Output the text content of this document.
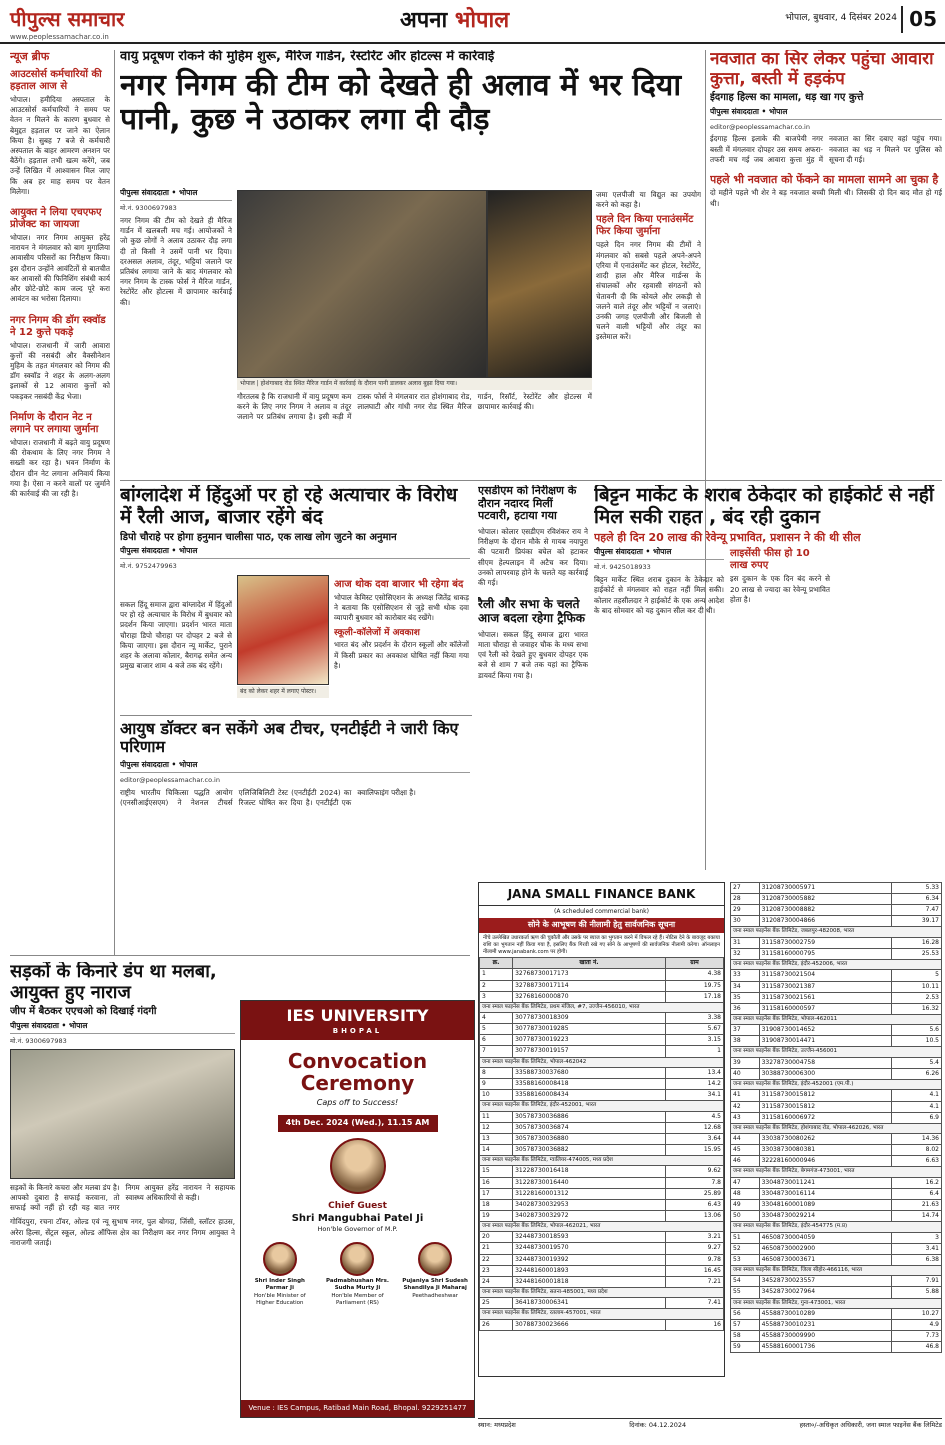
पीपुल्स समाचार
www.peoplessamachar.co.in
अपना भोपाल	भोपाल, बुधवार, 4 दिसंबर 2024 05
न्यूज ब्रीफ
आउटसोर्स कर्मचारियों की हड़ताल आज से
भोपाल। हमीदिया अस्पताल के आउटसोर्स कर्मचारियों ने समय पर वेतन न मिलने के कारण बुधवार से बेमुद्दत हड़ताल पर जाने का ऐलान किया है। सुबह 7 बजे से कर्मचारी अस्पताल के बाहर आमरण अनशन पर बैठेंगे। हड़ताल तभी खत्म करेंगे, जब उन्हें लिखित में आश्वासन मिल जाए कि अब हर माह समय पर वेतन मिलेगा।
आयुक्त ने लिया एचएफए प्रोजेक्ट का जायजा
भोपाल। नगर निगम आयुक्त हरेंद्र नारायन ने मंगलवार को बाग मुगालिया आवासीय परिसरों का निरीक्षण किया। इस दौरान उन्होंने आवंटितों से बातचीत कर आवासों की फिनिशिंग संबंधी कार्य और छोटे-छोटे काम जल्द पूरे करा आवंटन का भरोसा दिलाया।
नगर निगम की डॉग स्क्वॉड ने 12 कुत्ते पकड़े
भोपाल। राजधानी में जारी आवारा कुत्तों की नसबंदी और वैक्सीनेशन मुहिम के तहत मंगलवार को निगम की डॉग स्क्वॉड ने शहर के अलग-अलग इलाकों से 12 आवारा कुत्तों को पकड़कर नसबंदी केंद्र भेजा।
निर्माण के दौरान नेट न लगाने पर लगाया जुर्माना
भोपाल। राजधानी में बढ़ते वायु प्रदूषण की रोकथाम के लिए नगर निगम ने सख्ती कर रहा है। भवन निर्माण के दौरान ग्रीन नेट लगाना अनिवार्य किया गया है। ऐसा न करने वालों पर जुर्माने की कार्रवाई की जा रही है।
वायु प्रदूषण रोकने की मुहिम शुरू, मैरिज गार्डन, रेस्टोरेंट और होटल्स में कार्रवाई
नगर निगम की टीम को देखते ही अलाव में भर दिया पानी, कुछ ने उठाकर लगा दी दौड़
पीपुल्स संवाददाता • भोपाल
मो.नं. 9300697983
नगर निगम की टीम को देखते ही मैरिज गार्डन में खलबली मच गई। आयोजकों ने जो कुछ लोगों ने अलाव उठाकर दौड़ लगा दी तो किसी ने उसमें पानी भर दिया। दरअसल अलाव, तंदूर, भट्टियां जलाने पर प्रतिबंध लगाया जाने के बाद मंगलवार को नगर निगम के टास्क फोर्स ने मैरिज गार्डन, रेस्टोरेंट और होटल्स में छापामार कार्रवाई की।
भोपाल | होशंगाबाद रोड स्थित मैरिज गार्डन में कार्रवाई के दौरान पानी डालकर अलाव बुझा दिया गया।
गौरतलब है कि राजधानी में वायु प्रदूषण कम करने के लिए नगर निगम ने अलाव व तंदूर जलाने पर प्रतिबंध लगाया है। इसी कड़ी में टास्क फोर्स ने मंगलवार रात होशंगाबाद रोड, लालघाटी और गांधी नगर रोड स्थित मैरिज गार्डन, रिसॉर्ट, रेस्टोरेंट और होटल्स में छापामार कार्रवाई की।
जमा एलपीजी या विद्युत का उपयोग करने को कहा है।
पहले दिन किया एनाउंसमेंट फिर किया जुर्माना
पहले दिन नगर निगम की टीमों ने मंगलवार को सबसे पहले अपने-अपने एरिया में एनाउंसमेंट कर होटल, रेस्टोरेंट, शादी हाल और मैरिज गार्डन्स के संचालकों और रहवासी संगठनों को चेतावनी दी कि कोयले और लकड़ी से जलने वाले तंदूर और भट्टियों न जलाएं। उनकी जगह एलपीजी और बिजली से चलने वाली भट्टियों और तंदूर का इस्तेमाल करें।
नवजात का सिर लेकर पहुंचा आवारा कुत्ता, बस्ती में हड़कंप
ईदगाह हिल्स का मामला, धड़ खा गए कुत्ते
पीपुल्स संवाददाता • भोपाल
editor@peoplessamachar.co.in
ईदगाह हिल्स इलाके की बाजपेयी नगर बस्ती में मंगलवार दोपहर उस समय अफरा-तफरी मच गई जब आवारा कुत्ता मुंह में नवजात का सिर दबाए वहां पहुंच गया। नवजात का धड़ न मिलने पर पुलिस को सूचना दी गई।
पहले भी नवजात को फेंकने का मामला सामने आ चुका है
दो महीने पहले भी शेर ने बड़ नवजात बच्ची मिली थी। जिसकी दो दिन बाद मौत हो गई थी।
बांग्लादेश में हिंदुओं पर हो रहे अत्याचार के विरोध में रैली आज, बाजार रहेंगे बंद
डिपो चौराहे पर होगा हनुमान चालीसा पाठ, एक लाख लोग जुटने का अनुमान
पीपुल्स संवाददाता • भोपाल
मो.नं. 9752479963
सकल हिंदू समाज द्वारा बांग्लादेश में हिंदुओं पर हो रहे अत्याचार के विरोध में बुधवार को प्रदर्शन किया जाएगा। प्रदर्शन भारत माता चौराहा डिपो चौराहा पर दोपहर 2 बजे से किया जाएगा। इस दौरान न्यू मार्केट, पुराने शहर के अलावा कोलार, बैरागढ़ समेत अन्य प्रमुख बाजार शाम 4 बजे तक बंद रहेंगे।
बंद को लेकर शहर में लगाए पोस्टर।
आज थोक दवा बाजार भी रहेगा बंद
भोपाल केमिस्ट एसोसिएशन के अध्यक्ष जितेंद्र धाकड़ ने बताया कि एसोसिएशन से जुड़े सभी थोक दवा व्यापारी बुधवार को कारोबार बंद रखेंगे।
स्कूली-कॉलेजों में अवकाश
भारत बंद और प्रदर्शन के दौरान स्कूलों और कॉलेजों में किसी प्रकार का अवकाश घोषित नहीं किया गया है।
एसडीएम को निरीक्षण के दौरान नदारद मिलीं पटवारी, हटाया गया
भोपाल। कोलार एसडीएम रविशंकर राय ने निरीक्षण के दौरान मौके से गायब नयापुरा की पटवारी प्रियंका बघेल को हटाकर सीएम हेल्पलाइन में अटैच कर दिया। उनको लापरवाह होने के चलते यह कार्रवाई की गई।
रैली और सभा के चलते आज बदला रहेगा ट्रैफिक
भोपाल। सकल हिंदू समाज द्वारा भारत माता चौराहा से जवाहर चौक के मध्य सभा एवं रैली को देखते हुए बुधवार दोपहर एक बजे से शाम 7 बजे तक यहां का ट्रैफिक डायवर्ट किया गया है।
बिट्टन मार्केट के शराब ठेकेदार को हाईकोर्ट से नहीं मिल सकी राहत , बंद रही दुकान
पहले ही दिन 20 लाख की रेवेन्यू प्रभावित, प्रशासन ने की थी सील
पीपुल्स संवाददाता • भोपाल
मो.नं. 9425018933
बिट्टन मार्केट स्थित शराब दुकान के ठेकेदार को हाईकोर्ट से मंगलवार को राहत नहीं मिल सकी। कोलार तहसीलदार ने हाईकोर्ट के एक अन्य आदेश के बाद सोमवार को यह दुकान सील कर दी थी।
लाइसेंसी फीस हो 10 लाख रुपए
इस दुकान के एक दिन बंद करने से 20 लाख से ज्यादा का रेवेन्यू प्रभावित होता है।
आयुष डॉक्टर बन सकेंगे अब टीचर, एनटीईटी ने जारी किए परिणाम
पीपुल्स संवाददाता • भोपाल
editor@peoplessamachar.co.in
राष्ट्रीय भारतीय चिकित्सा पद्धति आयोग (एनसीआईएसएम) ने नेशनल टीचर्स एलिजिबिलिटी टेस्ट (एनटीईटी 2024) का रिजल्ट घोषित कर दिया है। एनटीईटी एक क्वालिफाइंग परीक्षा है।
सड़कों के किनारे डंप था मलबा, आयुक्त हुए नाराज
जीप में बैठकर एएचओ को दिखाई गंदगी
पीपुल्स संवाददाता • भोपाल
मो.नं. 9300697983
सड़कों के किनारे कचरा और मलबा डंप है। आपको दुबारा है सफाई करवाना, तो सफाई क्यों नहीं हो रही यह बात नगर निगम आयुक्त हरेंद्र नारायन ने सहायक स्वास्थ्य अधिकारियों से कही।
गोविंदपुरा, रचना टॉवर, ओल्ड एवं न्यू सुभाष नगर, पुल बोगदा, जिंसी, स्लॉटर हाउस, अरेरा हिल्स, सेंट्रल स्कूल, ओल्ड ऑफिस क्षेत्र का निरीक्षण कर नगर निगम आयुक्त ने नाराजगी जताई।
IES UNIVERSITY
BHOPAL
Convocation Ceremony
Caps off to Success!
4th Dec. 2024 (Wed.), 11.15 AM
Chief Guest
Shri Mangubhai Patel Ji
Hon'ble Governor of M.P.
Shri Inder Singh Parmar Ji
Hon'ble Minister of Higher Education
Padmabhushan Mrs. Sudha Murty Ji
Hon'ble Member of Parliament (RS)
Pujaniya Shri Sudesh Shandilya Ji Maharaj
Peethadheshwar
Venue : IES Campus, Ratibad Main Road, Bhopal. 9229251477
JANA SMALL FINANCE BANK
(A scheduled commercial bank)
सोने के आभूषण की नीलामी हेतु सार्वजनिक सूचना
नीचे उल्लेखित उधारकर्ता ऋण की चुकौती और उसके पर ब्याज का भुगतान करने में विफल रहे हैं। नोटिस देने के बावजूद बकाया राशि का भुगतान नहीं किया गया है, इसलिए बैंक गिरवी रखे गए सोने के आभूषणों की सार्वजनिक नीलामी करेगा। ऑनलाइन नीलामी www.janabank.com पर होगी।
क्र.	खाता नं.	ग्राम
1	32768730017173	4.38
2	32788730017114	19.75
3	32768160000870	17.18
जना स्माल फाइनेंस बैंक लिमिटेड, प्रथम मंजिल, #7, उज्जैन-456010, भारत		
4	30778730018309	3.38
5	30778730019285	5.67
6	30778730019223	3.15
7	30778730019157	1
जना स्माल फाइनेंस बैंक लिमिटेड, भोपाल-462042		
8	33588730037680	13.4
9	33588160008418	14.2
10	33588160008434	34.1
जना स्माल फाइनेंस बैंक लिमिटेड, इंदौर-452001, भारत		
11	30578730036886	4.5
12	30578730036874	12.68
13	30578730036880	3.64
14	30578730036882	15.95
जना स्माल फाइनेंस बैंक लिमिटेड, ग्वालियर-474005, मध्य प्रदेश		
15	31228730016418	9.62
16	31228730016440	7.8
17	31228160001312	25.89
18	34028730032953	6.43
19	34028730032972	13.06
जना स्माल फाइनेंस बैंक लिमिटेड, भोपाल-462021, भारत		
20	32448730018593	3.21
21	32448730019570	9.27
22	32448730019392	9.78
23	32448160001893	16.45
24	32448160001818	7.21
जना स्माल फाइनेंस बैंक लिमिटेड, सतना-485001, मध्य प्रदेश		
25	36418730006341	7.41
जना स्माल फाइनेंस बैंक लिमिटेड, रतलाम-457001, भारत		
26	30788730023666	16
27	31208730005971	5.33
28	31208730005882	6.34
29	31208730008882	7.47
30	31208730004866	39.17
जना स्माल फाइनेंस बैंक लिमिटेड, जबलपुर-482008, भारत		
31	31158730002759	16.28
32	31158160000795	25.53
जना स्माल फाइनेंस बैंक लिमिटेड, इंदौर-452006, भारत		
33	31158730021504	5
34	31158730021387	10.11
35	31158730021561	2.53
36	31158160000597	16.32
जना स्माल फाइनेंस बैंक लिमिटेड, भोपाल-462011		
37	31908730014652	5.6
38	31908730014471	10.5
जना स्माल फाइनेंस बैंक लिमिटेड, उज्जैन-456001		
39	33278730004758	5.4
40	30388730006300	6.26
जना स्माल फाइनेंस बैंक लिमिटेड, इंदौर-452001 (एम.पी.)		
41	31158730015812	4.1
42	31158730015812	4.1
43	31158160006972	6.9
जना स्माल फाइनेंस बैंक लिमिटेड, होशंगाबाद रोड, भोपाल-462026, भारत		
44	33038730080262	14.36
45	33038730080381	8.02
46	32228160000946	6.63
जना स्माल फाइनेंस बैंक लिमिटेड, बेगमगंज-473001, भारत		
47	33048730011241	16.2
48	33048730016114	6.4
49	33048160001089	21.63
50	33048730029214	14.74
जना स्माल फाइनेंस बैंक लिमिटेड, इंदौर-454775 (म.प्र)		
51	46508730004059	3
52	46508730002900	3.41
53	46508730003671	6.38
जना स्माल फाइनेंस बैंक लिमिटेड, जिला सीहोर-466116, भारत		
54	34528730023557	7.91
55	34528730027964	5.88
जना स्माल फाइनेंस बैंक लिमिटेड, गुना-473001, भारत		
56	45588730010289	10.27
57	45588730010231	4.9
58	45588730009990	7.73
59	45588160001736	46.8
स्थान: मध्यप्रदेश	दिनांक: 04.12.2024	हस्ता०/-अधिकृत अधिकारी, जना स्माल फाइनेंस बैंक लिमिटेड
